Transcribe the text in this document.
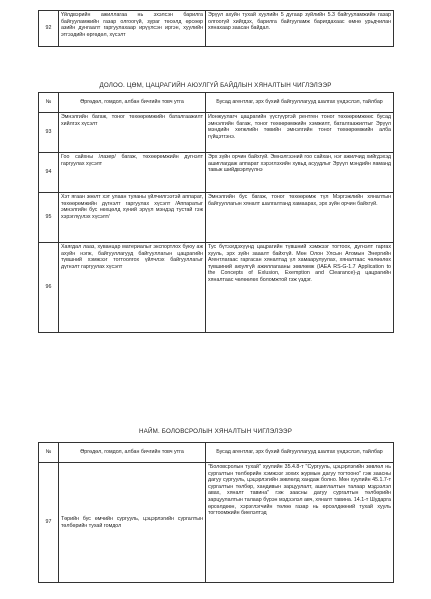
92	Үйлдвэрийн ажиллагаа нь эхэлсэн барилга байгууламжийн газар олгоогүй, зураг төсөлд өрсөөр азийн дунгаалт гаргуулахаар ирүүлсэн иргэн, хуулийн этгээдийн өргөдөл, хүсэлт	Эрүүл ахуйн тухай хуулийн 5 дугаар зүйлийн 5.3 байгууламжийн газар олгоогүй хийгдэх, барилга байгууламж баригдахаас өмнө урьдчилан хянахаар заасан байдал.
ДОЛОО. ЦӨМ, ЦАЦРАГИЙН АЮУЛГҮЙ БАЙДЛЫН ХЯНАЛТЫН ЧИГЛЭЛЭЭР
№	Өргөдөл, гомдол, албан бичгийн товч утга	Бусад агентлаг, эрх бүхий байгууллагууд шалгах үндэслэл, тайлбар
93	Эмнэлгийн багаж, тоног төхөөрөмжийн баталгаажилт хийлгэх хүсэлт	Ионжуулагч цацрагийн үүсгүүртэй рентген тоног төхөөрөмжөөс бусад эмнэлгийн багаж, тоног төхөөрөмжийн хэмжилт, баталгаажилтыг Эрүүл мэндийн хөгжлийн төвийн эмнэлгийн тоног төхөөрөмжийн алба гүйцэтгэнэ.
94	Гоо сайхны /лазер/ багаж, төхөөрөмжийн дүгнэлт гаргуулах хүсэлт	Эрх зүйн орчин байхгүй. Эмнэлгээний гоо сайхан, нэг ажилчид хийгдэхэд ашиглагдаж аппарат хэрэглэхийн хувьд асуудлыг Эрүүл мэндийн яаманд тавьж шийдвэрлүүлнэ
95	Хэт ягаан зөөлт хэт улаан туяаны үйлчилгээтэй аппарат, төхөөрөмжийн дүгнэлт гаргуулах хүсэлт /Аппаратыг эмнэлгийн бус нөхцөлд хүний эрүүл мэндэд тустай гэж хэрэглүүлэх хүсэлт/	Эмнэлгийн бус багаж, тоног төхөөрөмж түл Мэргэжлийн хяналтын байгууллагын хяналт шалгалтанд хамаарах, эрх зүйн орчин байхгүй.
96	Хаягдал лааз, хуванцар материалыг экспортлох буюу аж ахуйн нэгж, байгууллагууд байгууллагын цацрагийн түвшний хэмжээг тогтоолгох үйлчлэх байгууллагыг дүгнэлт гаргуулах хүсэлт	Тус бүтээгдэхүүнд цацрагийн түвшний хэмжээг тогтоох, дүгнэлт гаргах хууль, эрх зүйн зааалт байхгүй. Мөн Олон Улсын Атомын Энергийн Агентлагаас гаргасан хяналтад үл хамаарулуулах, хяналтаас чөлөөлөх түвшиний аюулгүй ажиллагааны зөвлөмж (IAEA RS-G-1.7 Application to the Concepts of Exlusion, Exemption and Clearance)-д цацрагийн хяналтаас чөлөөлөх боломжтой гэж үздэг.
НАЙМ. БОЛОВСРОЛЫН ХЯНАЛТЫН ЧИГЛЭЛЭЭР
№	Өргөдөл, гомдол, албан бичгийн товч утга	Бусад агентлаг, эрх бүхий байгууллагууд шалгах үндэслэл, тайлбар
97	Төрийн бус өмчийн сургууль, цэцэрлэгийн сургалтын төлбөрийн тухай гомдол	"Боловсролын тухай" хуулийн 35.4.8-т "Сургууль, цэцэрлэгийн зөвлөл нь сургалтын төлбөрийн хэмжээг зохих журмын дагуу тогтооно" гэж заасны дагуу сургууль, цэцэрлэгийн зөвлөлд хандаж болно. Мөн хуулийн 45.1.7-т сургалтын төлбөр, хандивын зарцуулалт, ашиглалтын талаар мэдээлэл авах, хяналт тавина" гэж заасны дагуу сургалтын төлбөрийн зарцуулалтын талаар бүрэн мэдээлэл авч, хяналт тавина. 14.1-т Шударга өрсөлдөөн, хэрэглэгчийн төлөө газар нь өрсөлдөөний тухай хууль тогтоомжийн биелэлтэд
